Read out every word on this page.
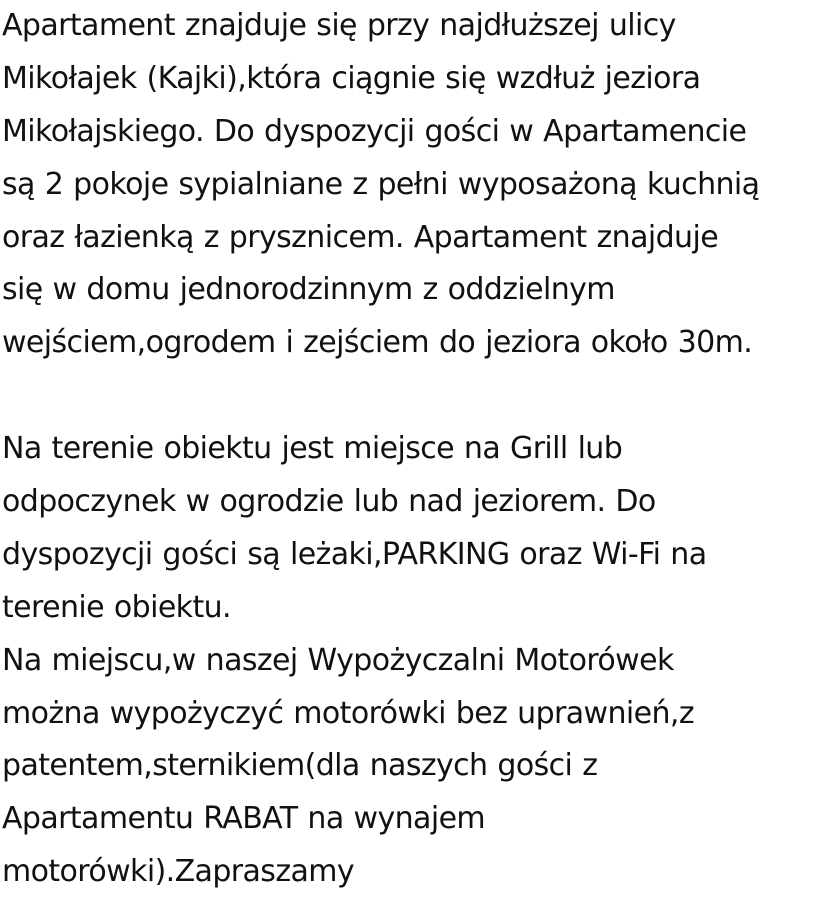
Apartament znajduje się przy najdłuższej ulicy
Mikołajek (Kajki),która ciągnie się wzdłuż jeziora
Mikołajskiego. Do dyspozycji gości w Apartamencie
są 2 pokoje sypialniane z pełni wyposażoną kuchnią
oraz łazienką z prysznicem. Apartament znajduje
się w domu jednorodzinnym z oddzielnym
wejściem,ogrodem i zejściem do jeziora około 30m.
Na terenie obiektu jest miejsce na Grill lub
odpoczynek w ogrodzie lub nad jeziorem. Do
dyspozycji gości są leżaki,PARKING oraz Wi-Fi na
terenie obiektu.
Na miejscu,w naszej Wypożyczalni Motorówek
można wypożyczyć motorówki bez uprawnień,z
patentem,sternikiem(dla naszych gości z
Apartamentu RABAT na wynajem
motorówki).Zapraszamy
